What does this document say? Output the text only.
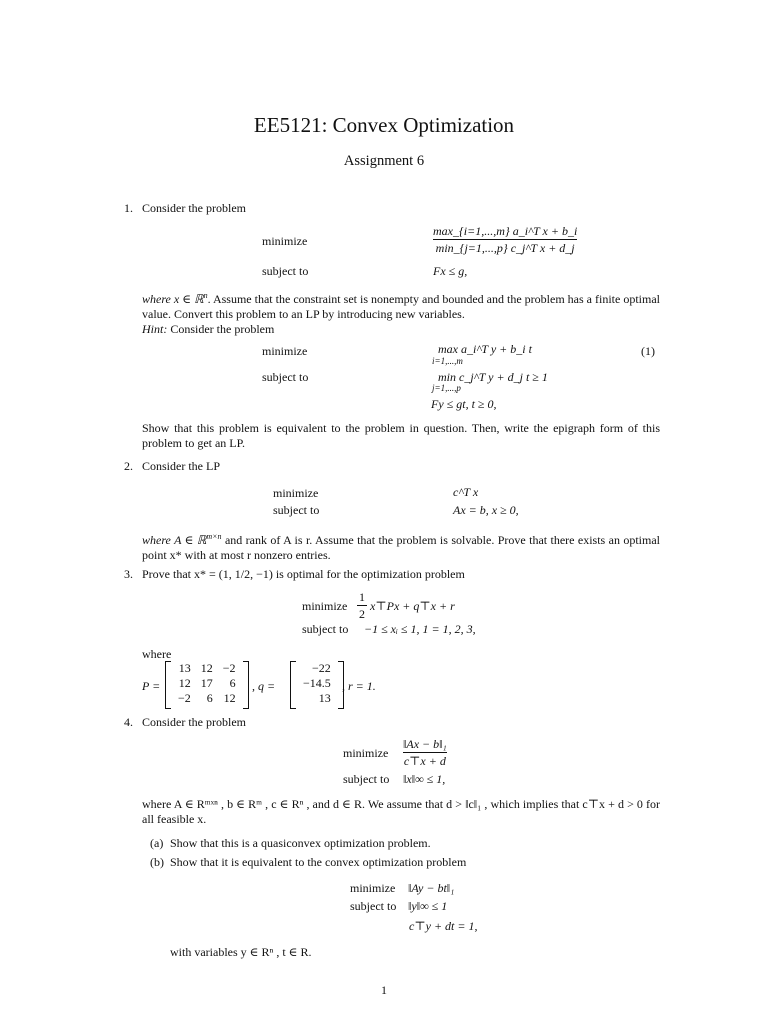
EE5121: Convex Optimization
Assignment 6
1. Consider the problem
minimize
max_{i=1,...,m} a_i^T x + b_i
min_{j=1,...,p} c_j^T x + d_j
subject to	Fx ≤ g,
where x ∈ ℝ$^n$. Assume that the constraint set is nonempty and bounded and the problem has a finite optimal value. Convert this problem to an LP by introducing new variables.
Hint: Consider the problem
minimize	max a_i^T y + b_i t
i=1,...,m
(1)
subject to	min c_j^T y + d_j t ≥ 1
j=1,...,p
Fy ≤ gt, t ≥ 0,
Show that this problem is equivalent to the problem in question. Then, write the epigraph form of this problem to get an LP.
2. Consider the LP
minimize	c^T x
subject to	Ax = b, x ≥ 0,
where A ∈ ℝ$^{m\times n}$ and rank of A is r. Assume that the problem is solvable. Prove that there exists an optimal point x* with at most r nonzero entries.
3. Prove that x* = (1, 1/2, −1) is optimal for the optimization problem
minimize
1
2
x⊤Px + q⊤x + r
subject to −1 ≤ xᵢ ≤ 1, 1 = 1, 2, 3,
where
P =
13	12	−2
12	17	6
−2	6	12
, q =
−22
−14.5
13
, r = 1.
4. Consider the problem
minimize
‖Ax − b‖₁
c⊤x + d
subject to ‖x‖∞ ≤ 1,
where A ∈ Rᵐˣⁿ , b ∈ Rᵐ , c ∈ Rⁿ , and d ∈ R. We assume that d > ‖c‖₁ , which implies that c⊤x + d > 0 for all feasible x.
(a) Show that this is a quasiconvex optimization problem.
(b) Show that it is equivalent to the convex optimization problem
minimize ‖Ay − bt‖₁
subject to ‖y‖∞ ≤ 1
c⊤y + dt = 1,
with variables y ∈ Rⁿ , t ∈ R.
1
